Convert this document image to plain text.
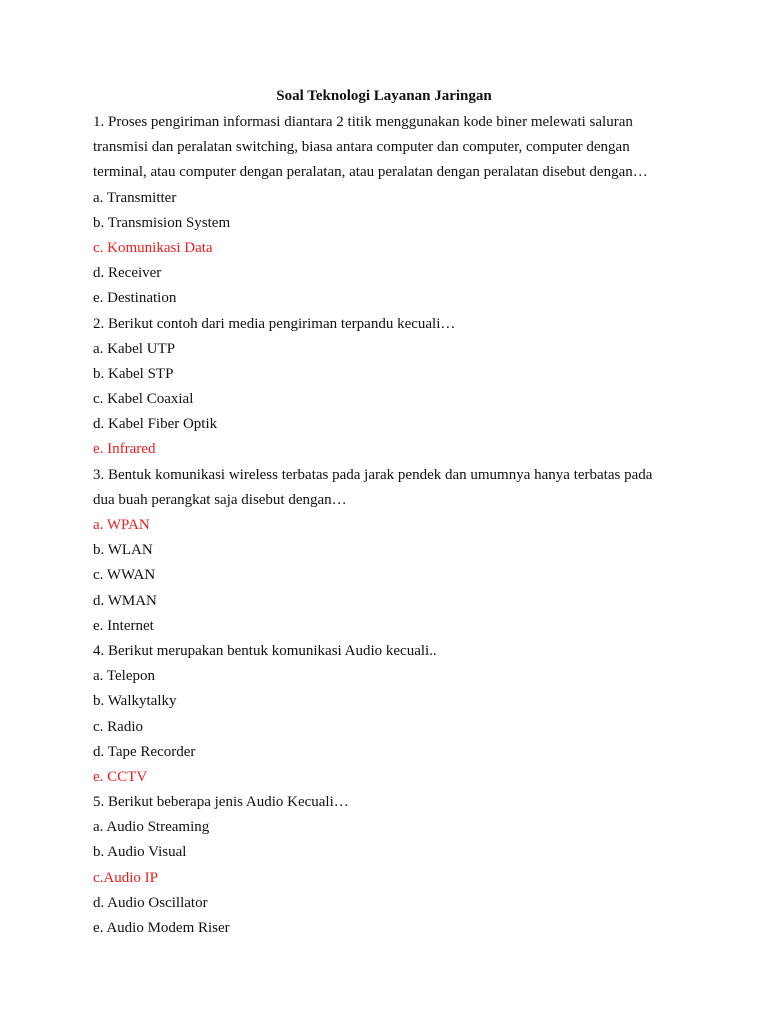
Soal Teknologi Layanan Jaringan
1. Proses pengiriman informasi diantara 2 titik menggunakan kode biner melewati saluran
transmisi dan peralatan switching, biasa antara computer dan computer, computer dengan
terminal, atau computer dengan peralatan, atau peralatan dengan peralatan disebut dengan…
a. Transmitter
b. Transmision System
c. Komunikasi Data
d. Receiver
e. Destination
2. Berikut contoh dari media pengiriman terpandu kecuali…
a. Kabel UTP
b. Kabel STP
c. Kabel Coaxial
d. Kabel Fiber Optik
e. Infrared
3. Bentuk komunikasi wireless terbatas pada jarak pendek dan umumnya hanya terbatas pada
dua buah perangkat saja disebut dengan…
a. WPAN
b. WLAN
c. WWAN
d. WMAN
e. Internet
4. Berikut merupakan bentuk komunikasi Audio kecuali..
a. Telepon
b. Walkytalky
c. Radio
d. Tape Recorder
e. CCTV
5. Berikut beberapa jenis Audio Kecuali…
a. Audio Streaming
b. Audio Visual
c.Audio IP
d. Audio Oscillator
e. Audio Modem Riser
